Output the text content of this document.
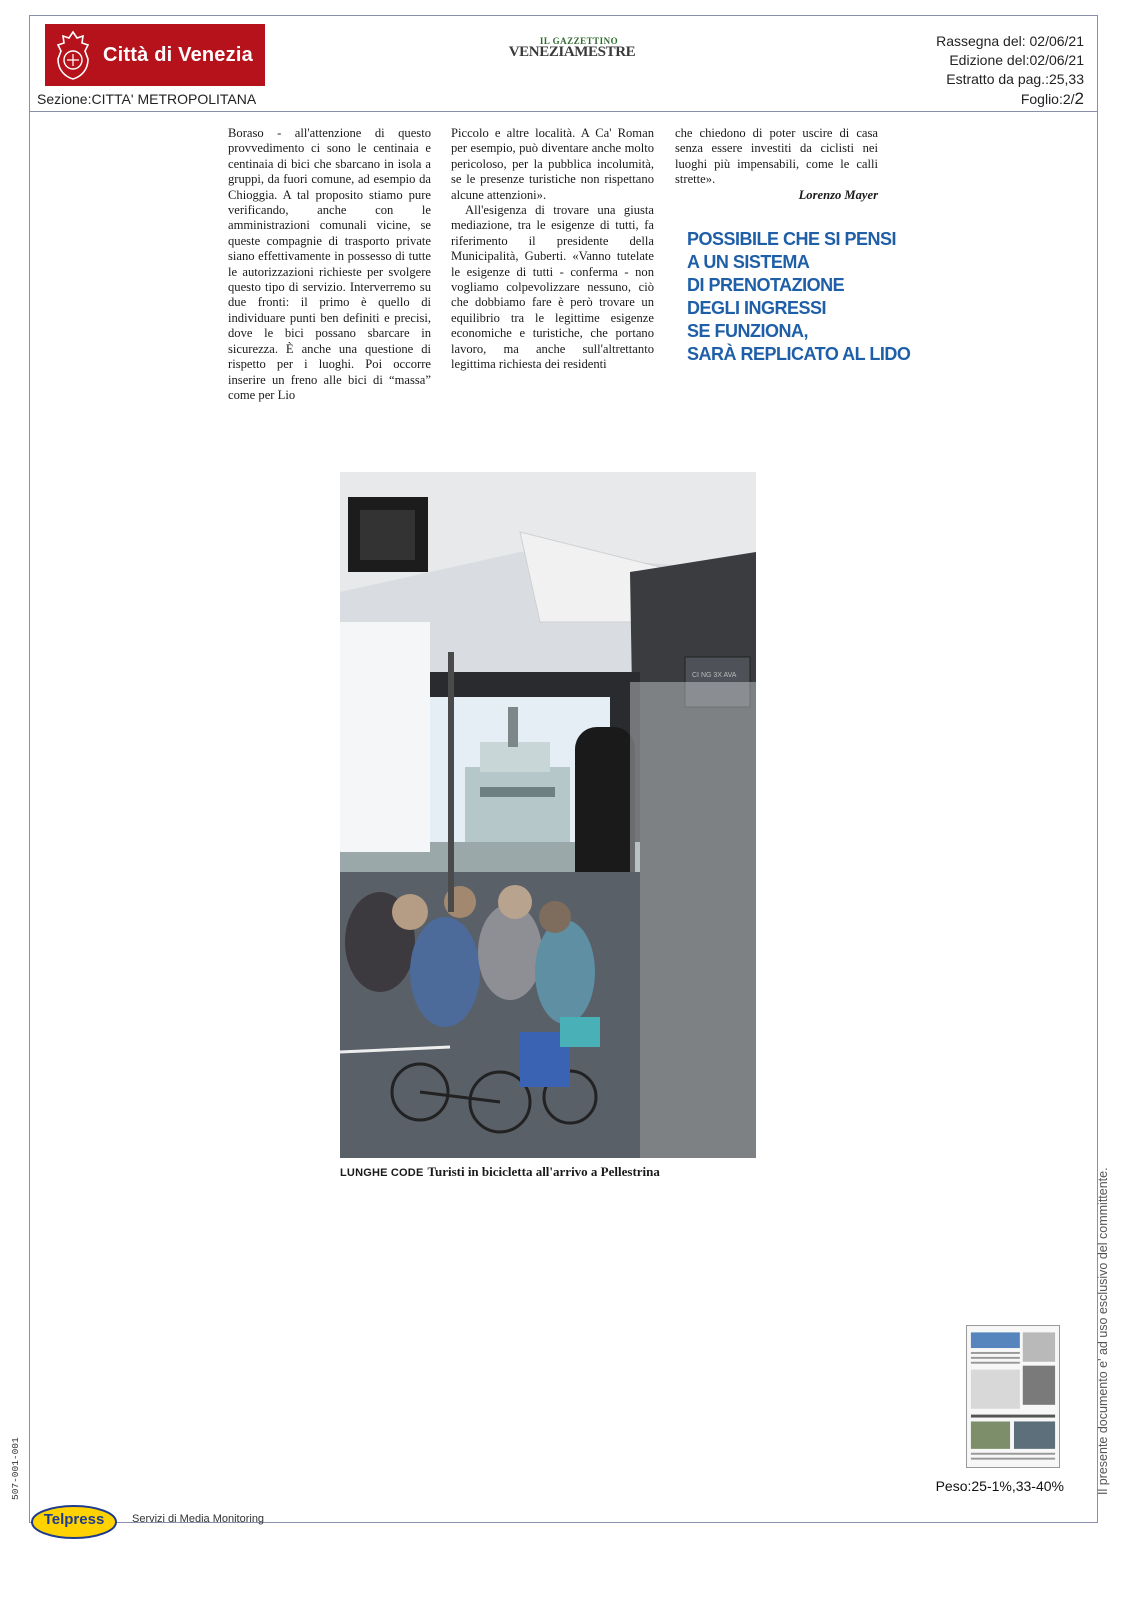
Città di Venezia
Sezione:CITTA' METROPOLITANA
IL GAZZETTINO
VENEZIAMESTRE
Rassegna del: 02/06/21
Edizione del:02/06/21
Estratto da pag.:25,33
Foglio:2/2

Boraso - all'attenzione di questo provvedimento ci sono le centinaia e centinaia di bici che sbarcano in isola a gruppi, da fuori comune, ad esempio da Chioggia. A tal proposito stiamo pure verificando, anche con le amministrazioni comunali vicine, se queste compagnie di trasporto private siano effettivamente in possesso di tutte le autorizzazioni richieste per svolgere questo tipo di servizio. Interverremo su due fronti: il primo è quello di individuare punti ben definiti e precisi, dove le bici possano sbarcare in sicurezza. È anche una questione di rispetto per i luoghi. Poi occorre inserire un freno alle bici di “massa” come per Lio

Piccolo e altre località. A Ca' Roman per esempio, può diventare anche molto pericoloso, per la pubblica incolumità, se le presenze turistiche non rispettano alcune attenzioni».

All'esigenza di trovare una giusta mediazione, tra le esigenze di tutti, fa riferimento il presidente della Municipalità, Guberti. «Vanno tutelate le esigenze di tutti - conferma - non vogliamo colpevolizzare nessuno, ciò che dobbiamo fare è però trovare un equilibrio tra le legittime esigenze economiche e turistiche, che portano lavoro, ma anche sull'altrettanto legittima richiesta dei residenti

che chiedono di poter uscire di casa senza essere investiti da ciclisti nei luoghi più impensabili, come le calli strette».

Lorenzo Mayer

POSSIBILE CHE SI PENSI
A UN SISTEMA
DI PRENOTAZIONE
DEGLI INGRESSI
SE FUNZIONA,
SARÀ REPLICATO AL LIDO
CI NG 3X AVA
LUNGHE CODE Turisti in bicicletta all'arrivo a Pellestrina
Peso:25-1%,33-40%	Il presente documento e' ad uso esclusivo del committente.
507-001-001
Telpress	Servizi di Media Monitoring
